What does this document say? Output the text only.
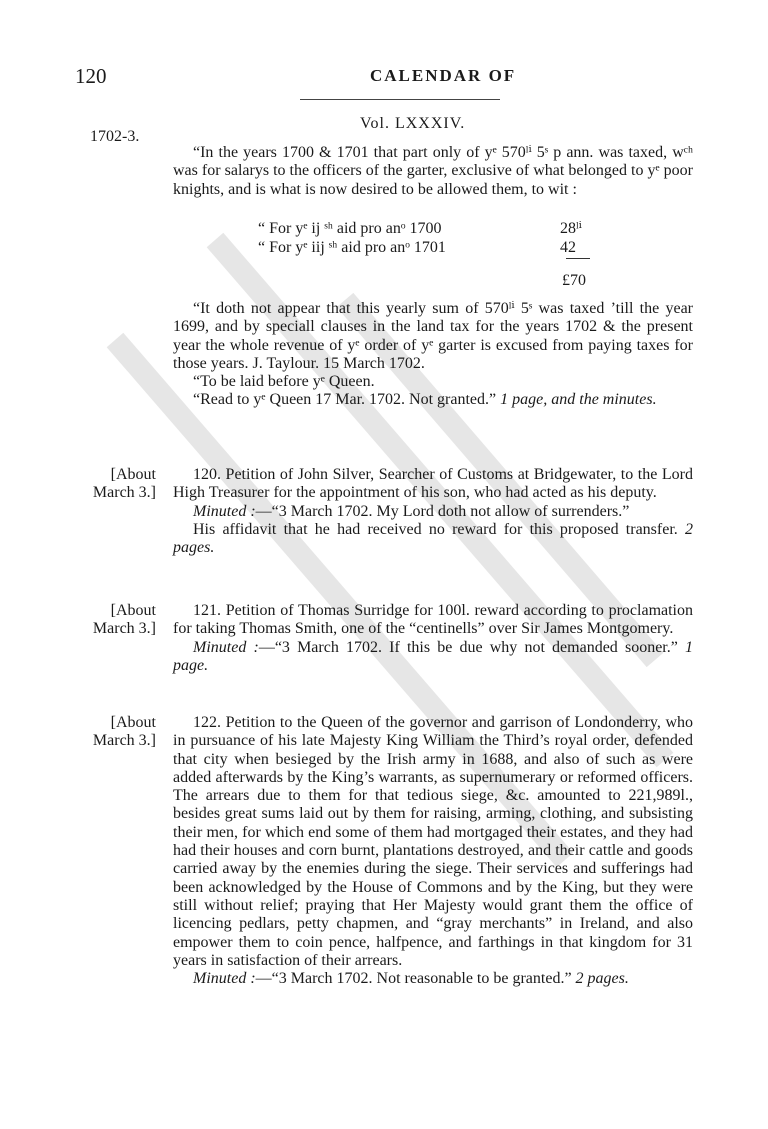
120	CALENDAR OF
1702-3.
Vol. LXXXIV.

“In the years 1700 & 1701 that part only of yᵉ 570ˡⁱ 5ˢ p ann. was taxed, wᶜʰ was for salarys to the officers of the garter, exclusive of what belonged to yᵉ poor knights, and is what is now desired to be allowed them, to wit :

“ For yᵉ ij ˢʰ aid pro anᵒ 1700	28ˡⁱ
“ For yᵉ iij ˢʰ aid pro anᵒ 1701	42
£70

“It doth not appear that this yearly sum of 570ˡⁱ 5ˢ was taxed ’till the year 1699, and by speciall clauses in the land tax for the years 1702 & the present year the whole revenue of yᵉ order of yᵉ garter is excused from paying taxes for those years. J. Taylour. 15 March 1702.

“To be laid before yᵉ Queen.

“Read to yᵉ Queen 17 Mar. 1702. Not granted.” 1 page, and the minutes.

[About March 3.]

120. Petition of John Silver, Searcher of Customs at Bridgewater, to the Lord High Treasurer for the appointment of his son, who had acted as his deputy.

Minuted :—“3 March 1702. My Lord doth not allow of surrenders.”

His affidavit that he had received no reward for this proposed transfer. 2 pages.

[About March 3.]

121. Petition of Thomas Surridge for 100l. reward according to proclamation for taking Thomas Smith, one of the “centinells” over Sir James Montgomery.

Minuted :—“3 March 1702. If this be due why not demanded sooner.” 1 page.

[About March 3.]

122. Petition to the Queen of the governor and garrison of Londonderry, who in pursuance of his late Majesty King William the Third’s royal order, defended that city when besieged by the Irish army in 1688, and also of such as were added afterwards by the King’s warrants, as supernumerary or reformed officers. The arrears due to them for that tedious siege, &c. amounted to 221,989l., besides great sums laid out by them for raising, arming, clothing, and subsisting their men, for which end some of them had mortgaged their estates, and they had had their houses and corn burnt, plantations destroyed, and their cattle and goods carried away by the enemies during the siege. Their services and sufferings had been acknowledged by the House of Commons and by the King, but they were still without relief; praying that Her Majesty would grant them the office of licencing pedlars, petty chapmen, and “gray merchants” in Ireland, and also empower them to coin pence, halfpence, and farthings in that kingdom for 31 years in satisfaction of their arrears.

Minuted :—“3 March 1702. Not reasonable to be granted.” 2 pages.
